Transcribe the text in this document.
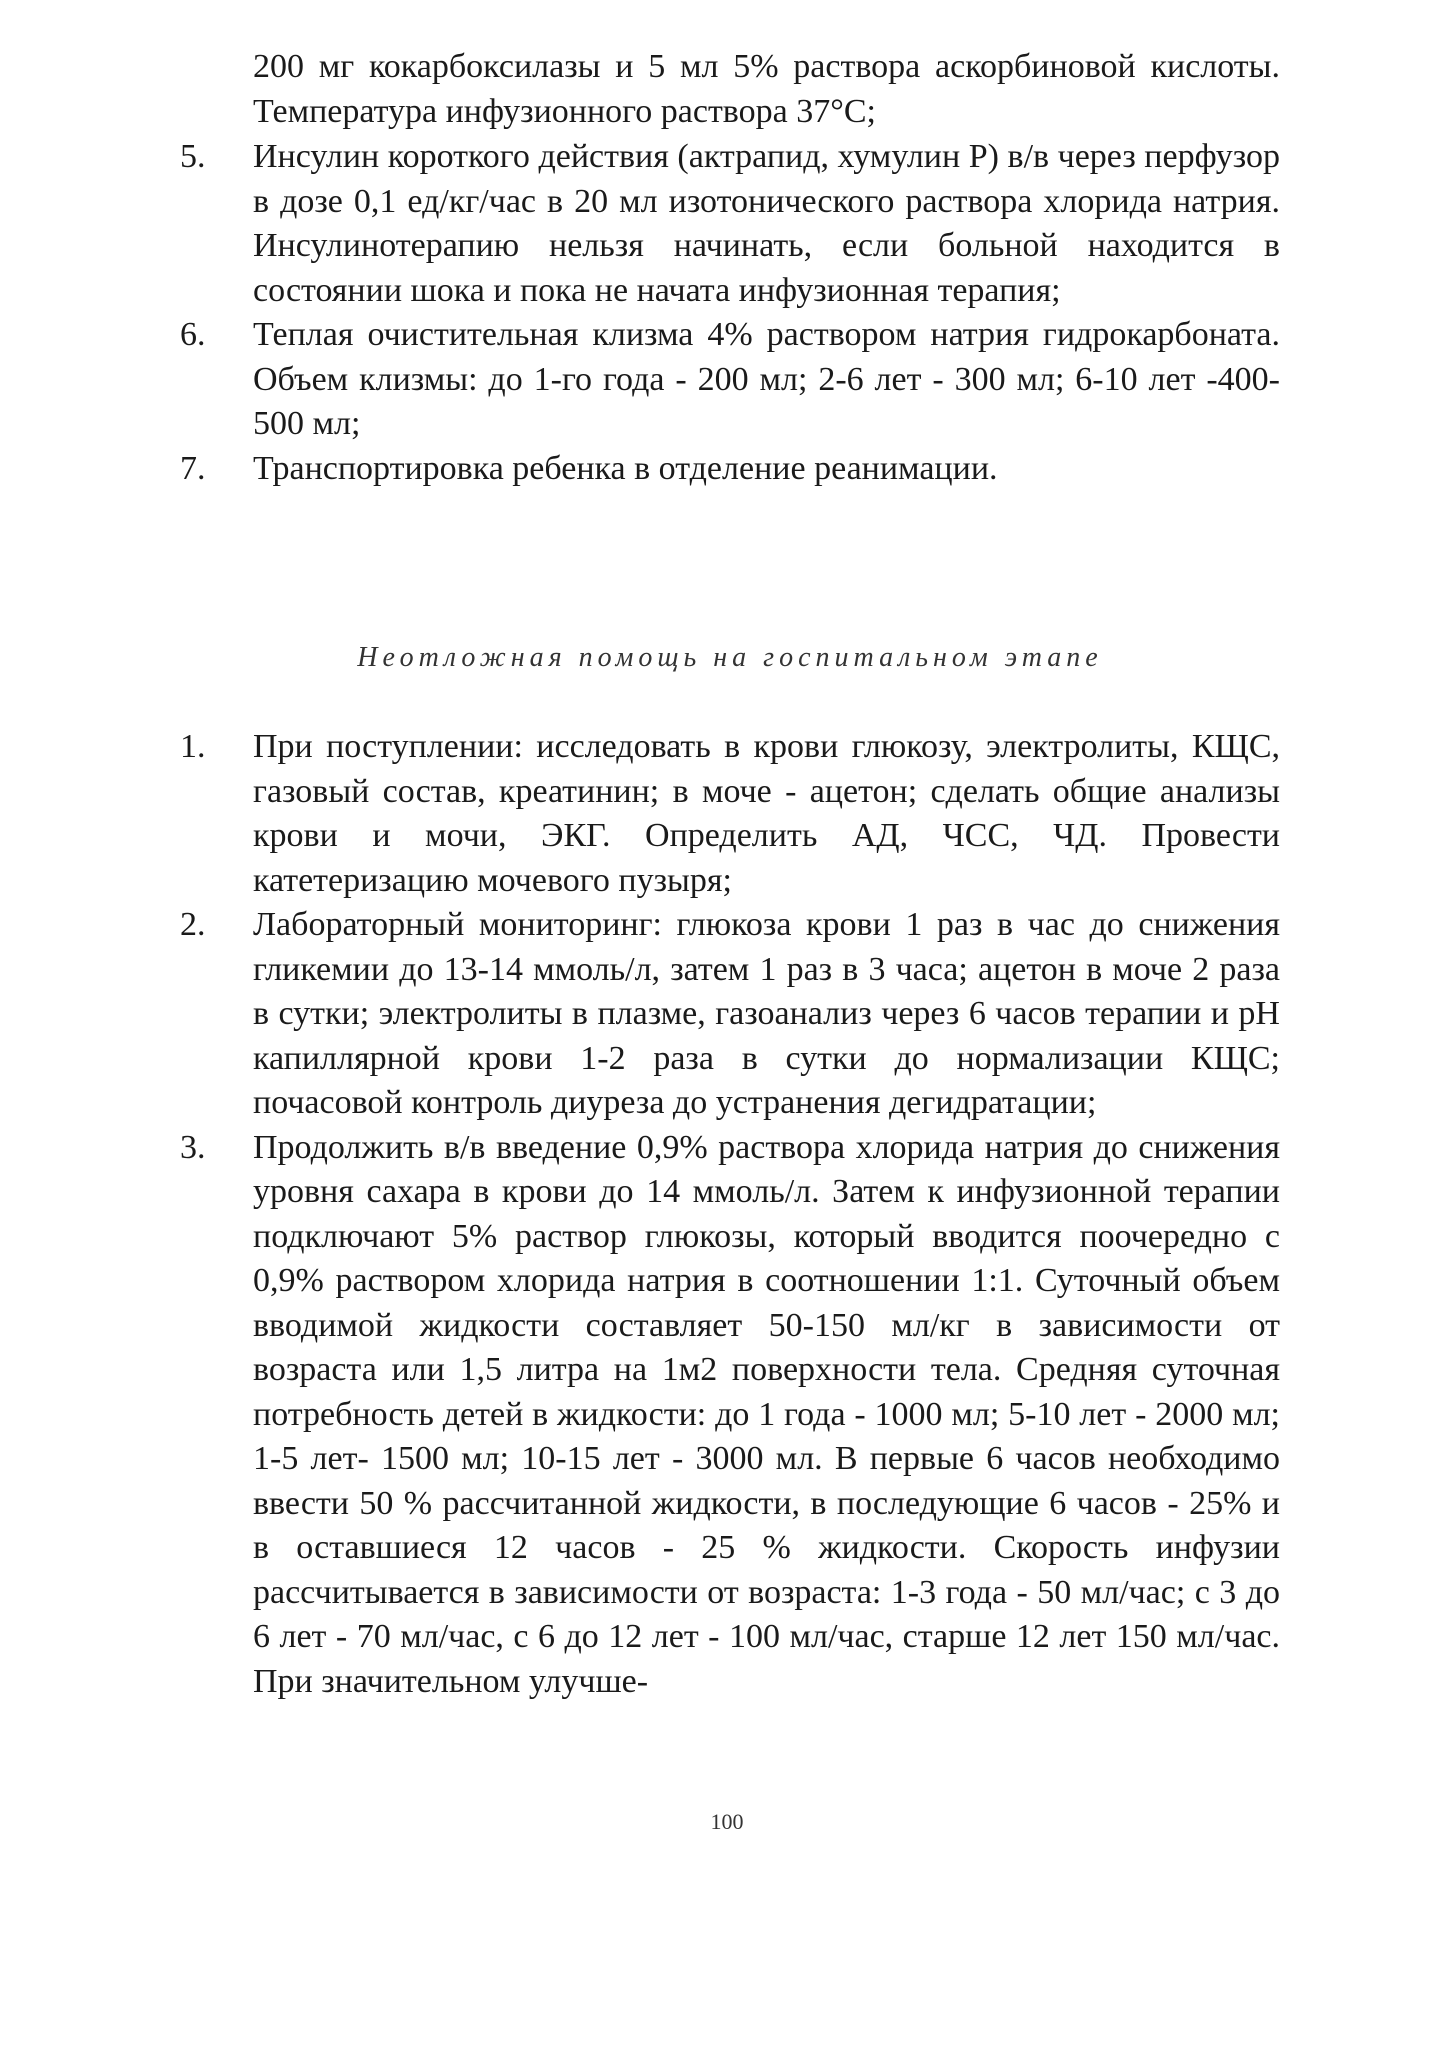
200 мг кокарбоксилазы и 5 мл 5% раствора аскорбиновой кислоты. Температура инфузионного раствора 37°С;

5.	Инсулин короткого действия (актрапид, хумулин Р) в/в через перфузор в дозе 0,1 ед/кг/час в 20 мл изотонического раствора хлорида натрия. Инсулинотерапию нельзя начинать, если больной находится в состоянии шока и пока не начата инфузионная терапия;
6.	Теплая очистительная клизма 4% раствором натрия гидрокарбоната. Объем клизмы: до 1-го года - 200 мл; 2-6 лет - 300 мл; 6-10 лет -400-500 мл;
7.	Транспортировка ребенка в отделение реанимации.
Неотложная помощь на госпитальном этапе
1.	При поступлении: исследовать в крови глюкозу, электролиты, КЩС, газовый состав, креатинин; в моче - ацетон; сделать общие анализы крови и мочи, ЭКГ. Определить АД, ЧСС, ЧД. Провести катетеризацию мочевого пузыря;
2.	Лабораторный мониторинг: глюкоза крови 1 раз в час до снижения гликемии до 13-14 ммоль/л, затем 1 раз в 3 часа; ацетон в моче 2 раза в сутки; электролиты в плазме, газоанализ через 6 часов терапии и pH капиллярной крови 1-2 раза в сутки до нормализации КЩС; почасовой контроль диуреза до устранения дегидратации;
3.	Продолжить в/в введение 0,9% раствора хлорида натрия до снижения уровня сахара в крови до 14 ммоль/л. Затем к инфузионной терапии подключают 5% раствор глюкозы, который вводится поочередно с 0,9% раствором хлорида натрия в соотношении 1:1. Суточный объем вводимой жидкости составляет 50-150 мл/кг в зависимости от возраста или 1,5 литра на 1м2 поверхности тела. Средняя суточная потребность детей в жидкости: до 1 года - 1000 мл; 5-10 лет - 2000 мл; 1-5 лет- 1500 мл; 10-15 лет - 3000 мл. В первые 6 часов необходимо ввести 50 % рассчитанной жидкости, в последующие 6 часов - 25% и в оставшиеся 12 часов - 25 % жидкости. Скорость инфузии рассчитывается в зависимости от возраста: 1-3 года - 50 мл/час; с 3 до 6 лет - 70 мл/час, с 6 до 12 лет - 100 мл/час, старше 12 лет 150 мл/час. При значительном улучше-
100
